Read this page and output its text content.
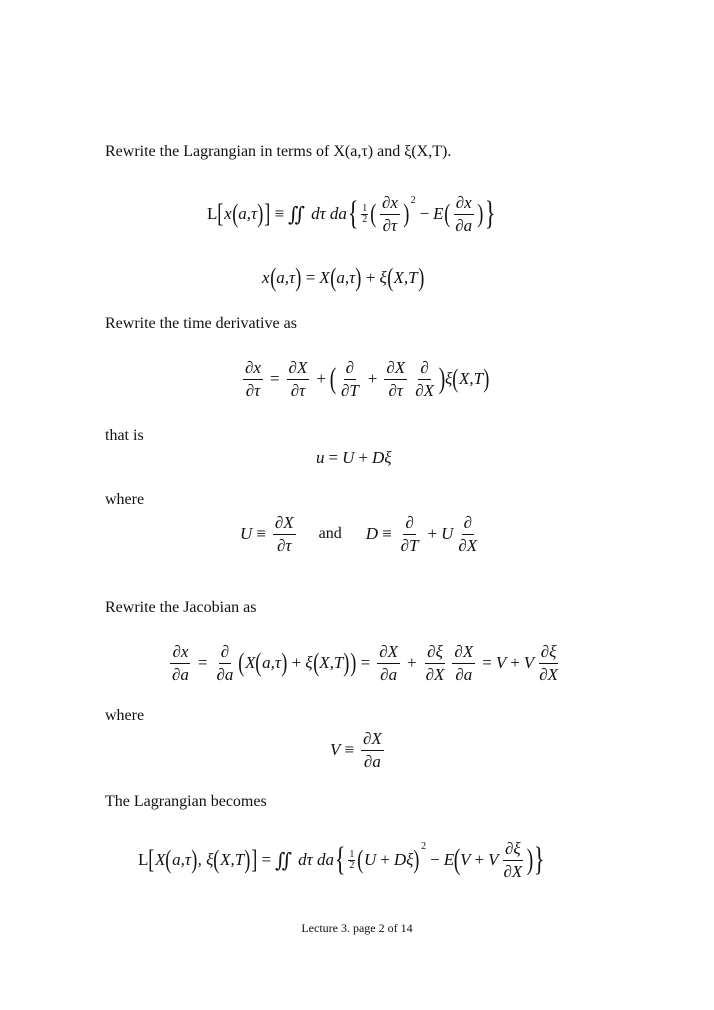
Rewrite the Lagrangian in terms of X(a,τ) and ξ(X,T).
L [ x ( a,τ ) ] ≡ ∬ dτ da { 1
2 ( $\frac{\partial x}{\partial\tau}$ ) 2
− E ( $\frac{\partial x}{\partial a}$ ) }
x ( a,τ ) = X ( a,τ ) + ξ ( X,T )
Rewrite the time derivative as
$\frac{\partial x}{\partial\tau} = \frac{\partial X}{\partial\tau}$ + ( $\frac{\partial}{\partial T} + \frac{\partial X}{\partial\tau} \frac{\partial}{\partial X}$ ) ξ ( X,T )
that is
u = U + Dξ
where
$U \equiv \frac{\partial X}{\partial\tau}$ and $D \equiv \frac{\partial}{\partial T} + U \frac{\partial}{\partial X}$
Rewrite the Jacobian as
$\frac{\partial x}{\partial a} = \frac{\partial}{\partial a}$ ( X ( a,τ ) + ξ ( X,T ) ) = $\frac{\partial X}{\partial a} + \frac{\partial\xi}{\partial X} \frac{\partial X}{\partial a} = V + V \frac{\partial\xi}{\partial X}$
where
$V \equiv \frac{\partial X}{\partial a}$
The Lagrangian becomes
L [ X ( a,τ ) , ξ ( X,T ) ] = ∬ dτ da { 1
2 ( U + Dξ ) 2
− E ( V + V $\frac{\partial\xi}{\partial X}$ ) }
Lecture 3. page 2 of 14
